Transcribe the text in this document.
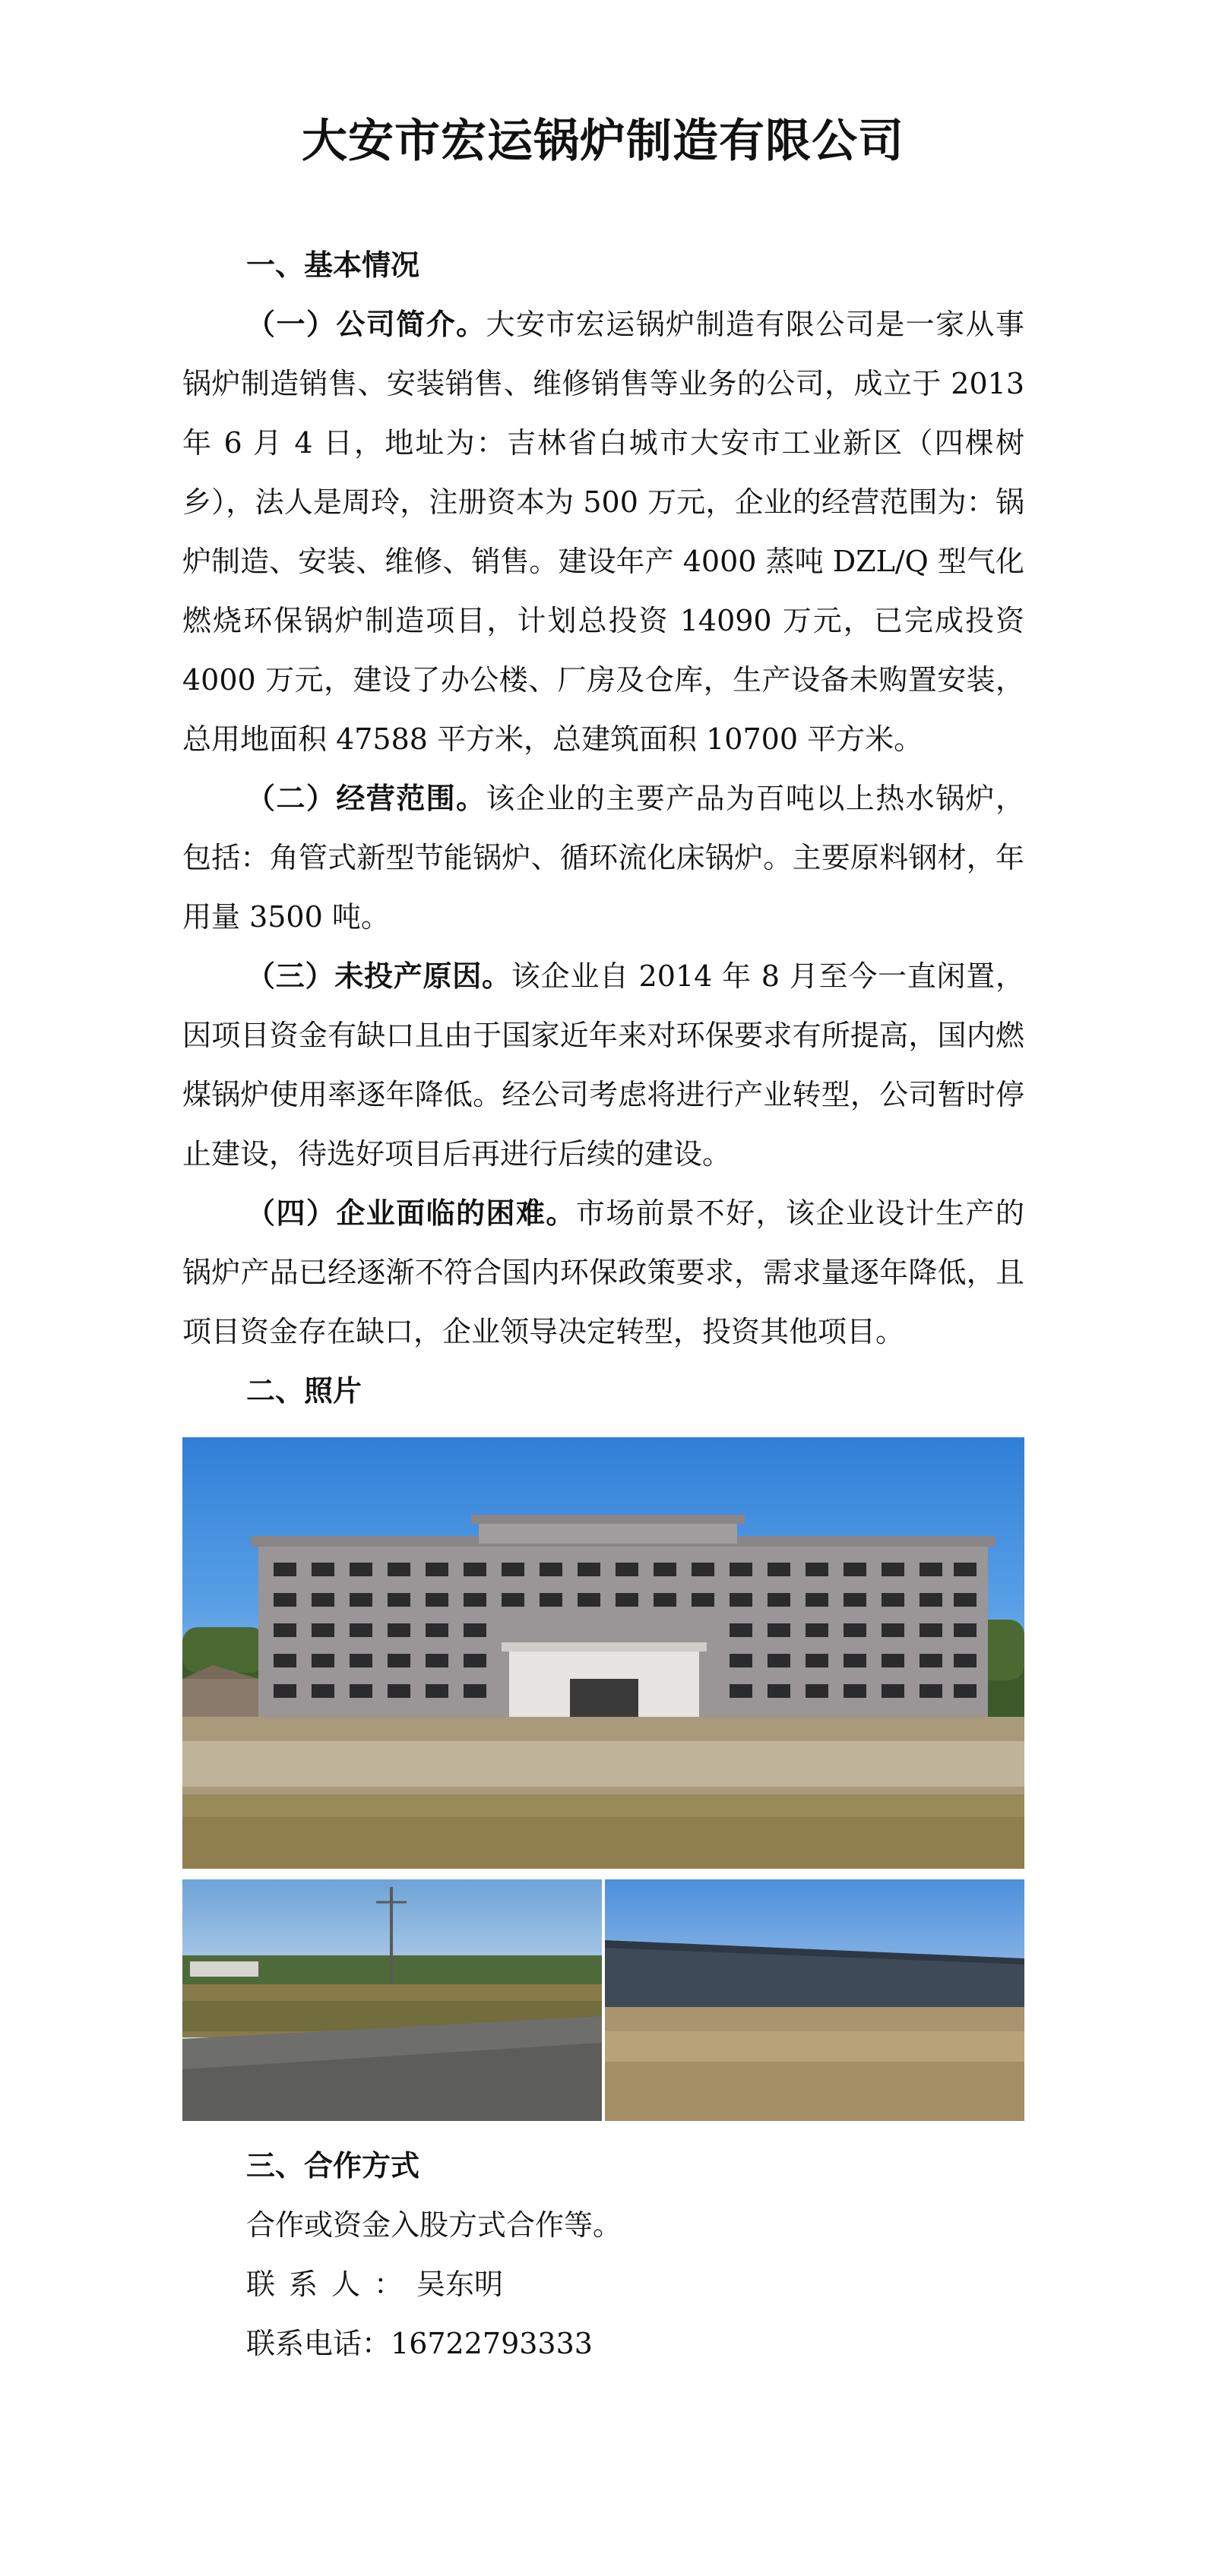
大安市宏运锅炉制造有限公司
一、基本情况

（一）公司简介。大安市宏运锅炉制造有限公司是一家从事锅炉制造销售、安装销售、维修销售等业务的公司，成立于 2013 年 6 月 4 日，地址为：吉林省白城市大安市工业新区（四棵树乡），法人是周玲，注册资本为 500 万元，企业的经营范围为：锅炉制造、安装、维修、销售。建设年产 4000 蒸吨 DZL/Q 型气化燃烧环保锅炉制造项目，计划总投资 14090 万元，已完成投资 4000 万元，建设了办公楼、厂房及仓库，生产设备未购置安装，总用地面积 47588 平方米，总建筑面积 10700 平方米。

（二）经营范围。该企业的主要产品为百吨以上热水锅炉，包括：角管式新型节能锅炉、循环流化床锅炉。主要原料钢材，年用量 3500 吨。

（三）未投产原因。该企业自 2014 年 8 月至今一直闲置，因项目资金有缺口且由于国家近年来对环保要求有所提高，国内燃煤锅炉使用率逐年降低。经公司考虑将进行产业转型，公司暂时停止建设，待选好项目后再进行后续的建设。

（四）企业面临的困难。市场前景不好，该企业设计生产的锅炉产品已经逐渐不符合国内环保政策要求，需求量逐年降低，且项目资金存在缺口，企业领导决定转型，投资其他项目。

二、照片
三、合作方式
合作或资金入股方式合作等。
联系人：吴东明
联系电话：16722793333
